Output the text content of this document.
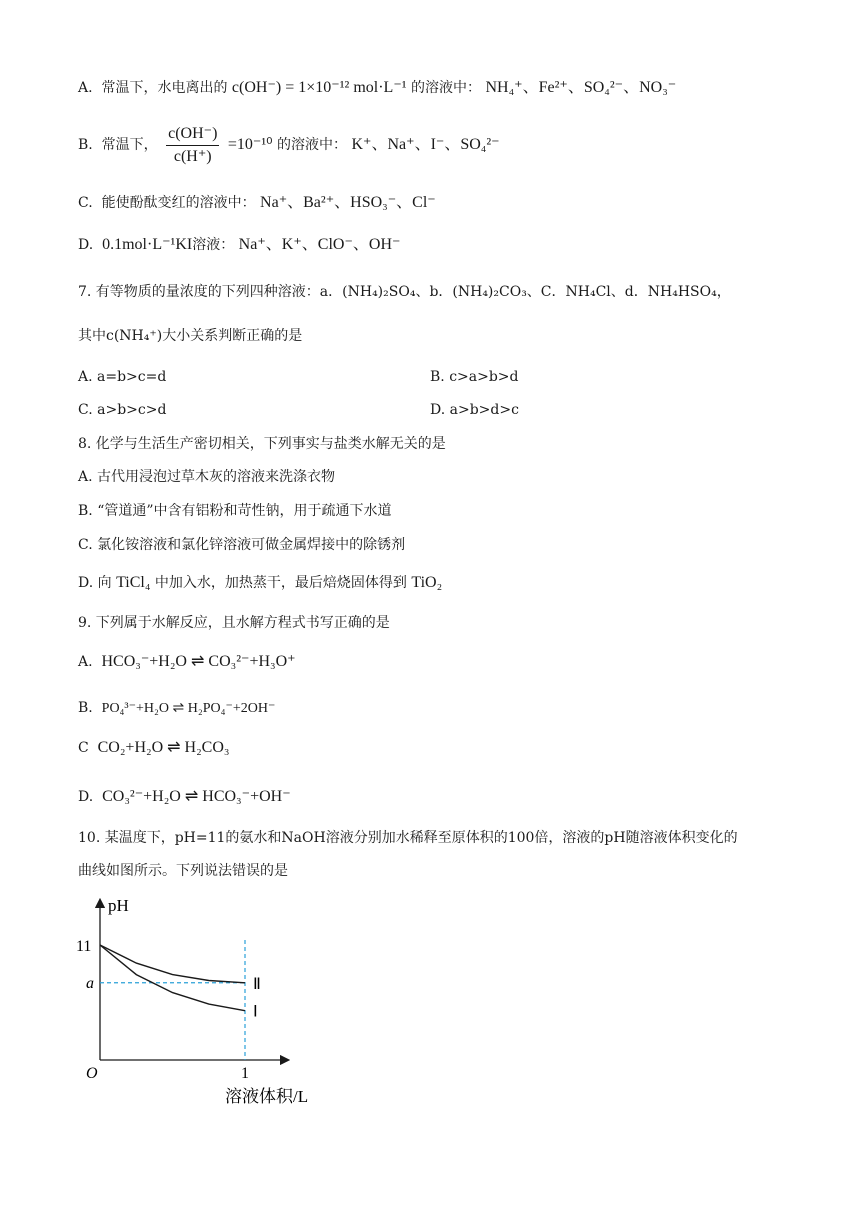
A. 常温下，水电离出的 c(OH⁻) = 1×10⁻¹² mol·L⁻¹ 的溶液中： NH₄⁺、Fe²⁺、SO₄²⁻、NO₃⁻
B. 常温下， $\frac{c(OH^-)}{c(H^+)} =10^{-10}$ 的溶液中： K⁺、Na⁺、I⁻、SO₄²⁻
C. 能使酚酞变红的溶液中： Na⁺、Ba²⁺、HSO₃⁻、Cl⁻
D. 0.1mol·L⁻¹KI溶液： Na⁺、K⁺、ClO⁻、OH⁻
7. 有等物质的量浓度的下列四种溶液：a．(NH₄)₂SO₄、b．(NH₄)₂CO₃、C．NH₄Cl、d．NH₄HSO₄，
其中c(NH₄⁺)大小关系判断正确的是
A. a=b>c=d	B. c>a>b>d
C. a>b>c>d	D. a>b>d>c
8. 化学与生活生产密切相关，下列事实与盐类水解无关的是
A. 古代用浸泡过草木灰的溶液来洗涤衣物
B. “管道通”中含有铝粉和苛性钠，用于疏通下水道
C. 氯化铵溶液和氯化锌溶液可做金属焊接中的除锈剂
D. 向 TiCl₄ 中加入水，加热蒸干，最后焙烧固体得到 TiO₂
9. 下列属于水解反应，且水解方程式书写正确的是
A. HCO₃⁻+H₂O ⇌ CO₃²⁻+H₃O⁺
B. PO₄³⁻+H₂O ⇌ H₂PO₄⁻+2OH⁻
C CO₂+H₂O ⇌ H₂CO₃
D. CO₃²⁻+H₂O ⇌ HCO₃⁻+OH⁻
10. 某温度下，pH=11的氨水和NaOH溶液分别加水稀释至原体积的100倍，溶液的pH随溶液体积变化的
曲线如图所示。下列说法错误的是
Ⅱ
Ⅰ
pH
11
a
O	1
溶液体积/L
